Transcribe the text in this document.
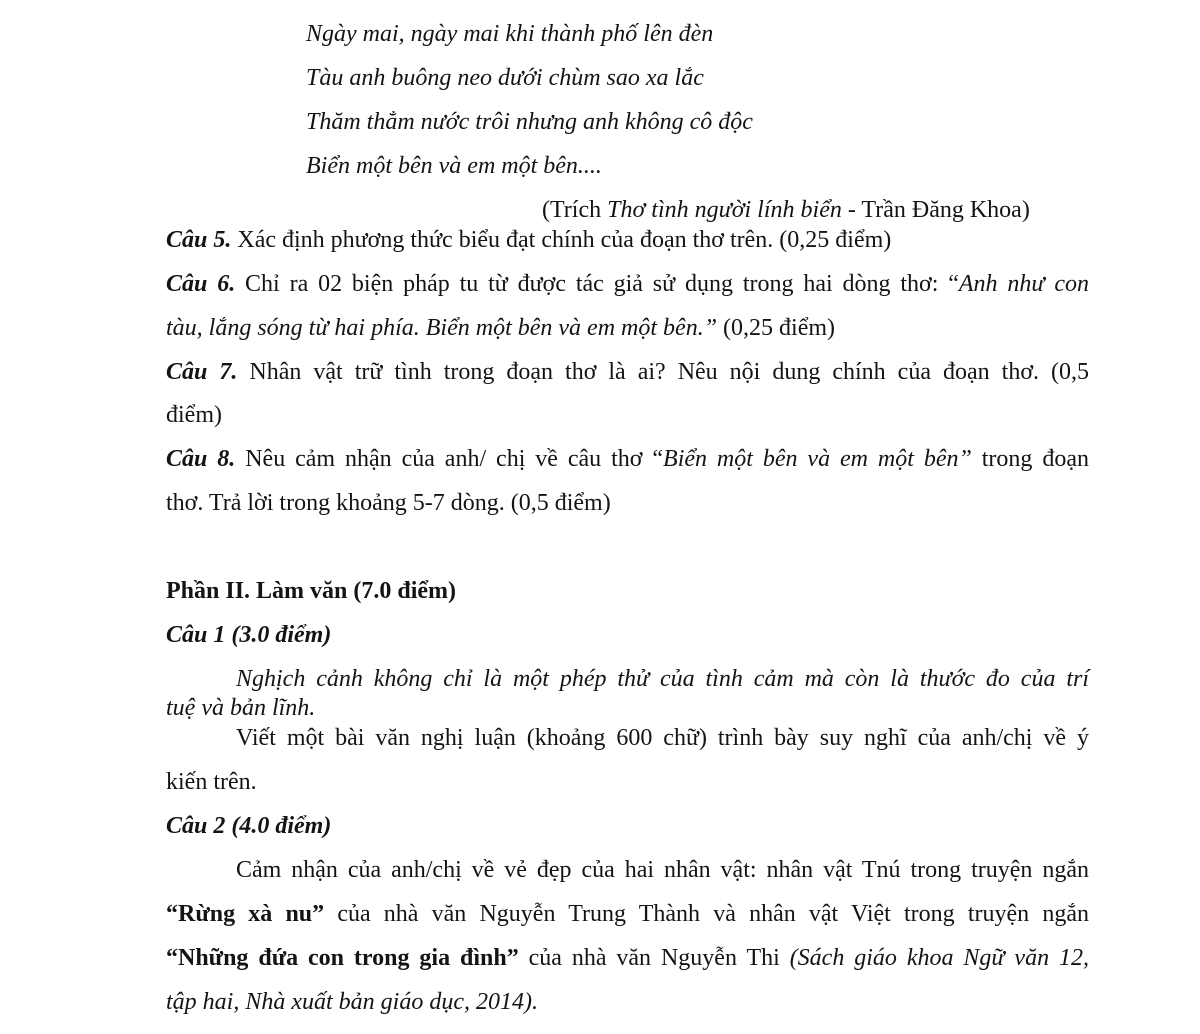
Ngày mai, ngày mai khi thành phố lên đèn
Tàu anh buông neo dưới chùm sao xa lắc
Thăm thẳm nước trôi nhưng anh không cô độc
Biển một bên và em một bên....
(Trích Thơ tình người lính biển - Trần Đăng Khoa)
Câu 5. Xác định phương thức biểu đạt chính của đoạn thơ trên. (0,25 điểm)
Câu 6. Chỉ ra 02 biện pháp tu từ được tác giả sử dụng trong hai dòng thơ: “Anh như con
tàu, lắng sóng từ hai phía. Biển một bên và em một bên.” (0,25 điểm)
Câu 7. Nhân vật trữ tình trong đoạn thơ là ai? Nêu nội dung chính của đoạn thơ. (0,5
điểm)
Câu 8. Nêu cảm nhận của anh/ chị về câu thơ “Biển một bên và em một bên” trong đoạn
thơ. Trả lời trong khoảng 5-7 dòng. (0,5 điểm)
Phần II. Làm văn (7.0 điểm)
Câu 1 (3.0 điểm)
Nghịch cảnh không chỉ là một phép thử của tình cảm mà còn là thước đo của trí
tuệ và bản lĩnh.
Viết một bài văn nghị luận (khoảng 600 chữ) trình bày suy nghĩ của anh/chị về ý
kiến trên.
Câu 2 (4.0 điểm)
Cảm nhận của anh/chị về vẻ đẹp của hai nhân vật: nhân vật Tnú trong truyện ngắn
“Rừng xà nu” của nhà văn Nguyễn Trung Thành và nhân vật Việt trong truyện ngắn
“Những đứa con trong gia đình” của nhà văn Nguyễn Thi (Sách giáo khoa Ngữ văn 12,
tập hai, Nhà xuất bản giáo dục, 2014).
